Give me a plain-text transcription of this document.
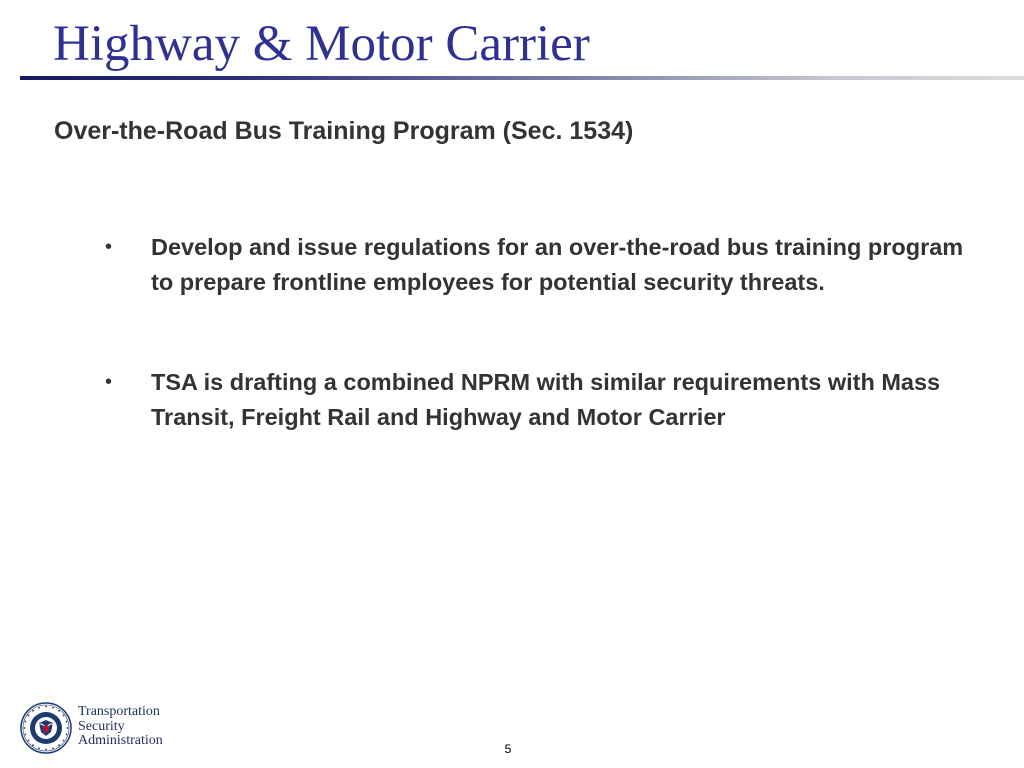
Highway & Motor Carrier
Over-the-Road Bus Training Program (Sec. 1534)
• Develop and issue regulations for an over-the-road bus training program to prepare frontline employees for potential security threats.
• TSA is drafting a combined NPRM with similar requirements with Mass Transit, Freight Rail and Highway and Motor Carrier
Transportation
Security
Administration
5
